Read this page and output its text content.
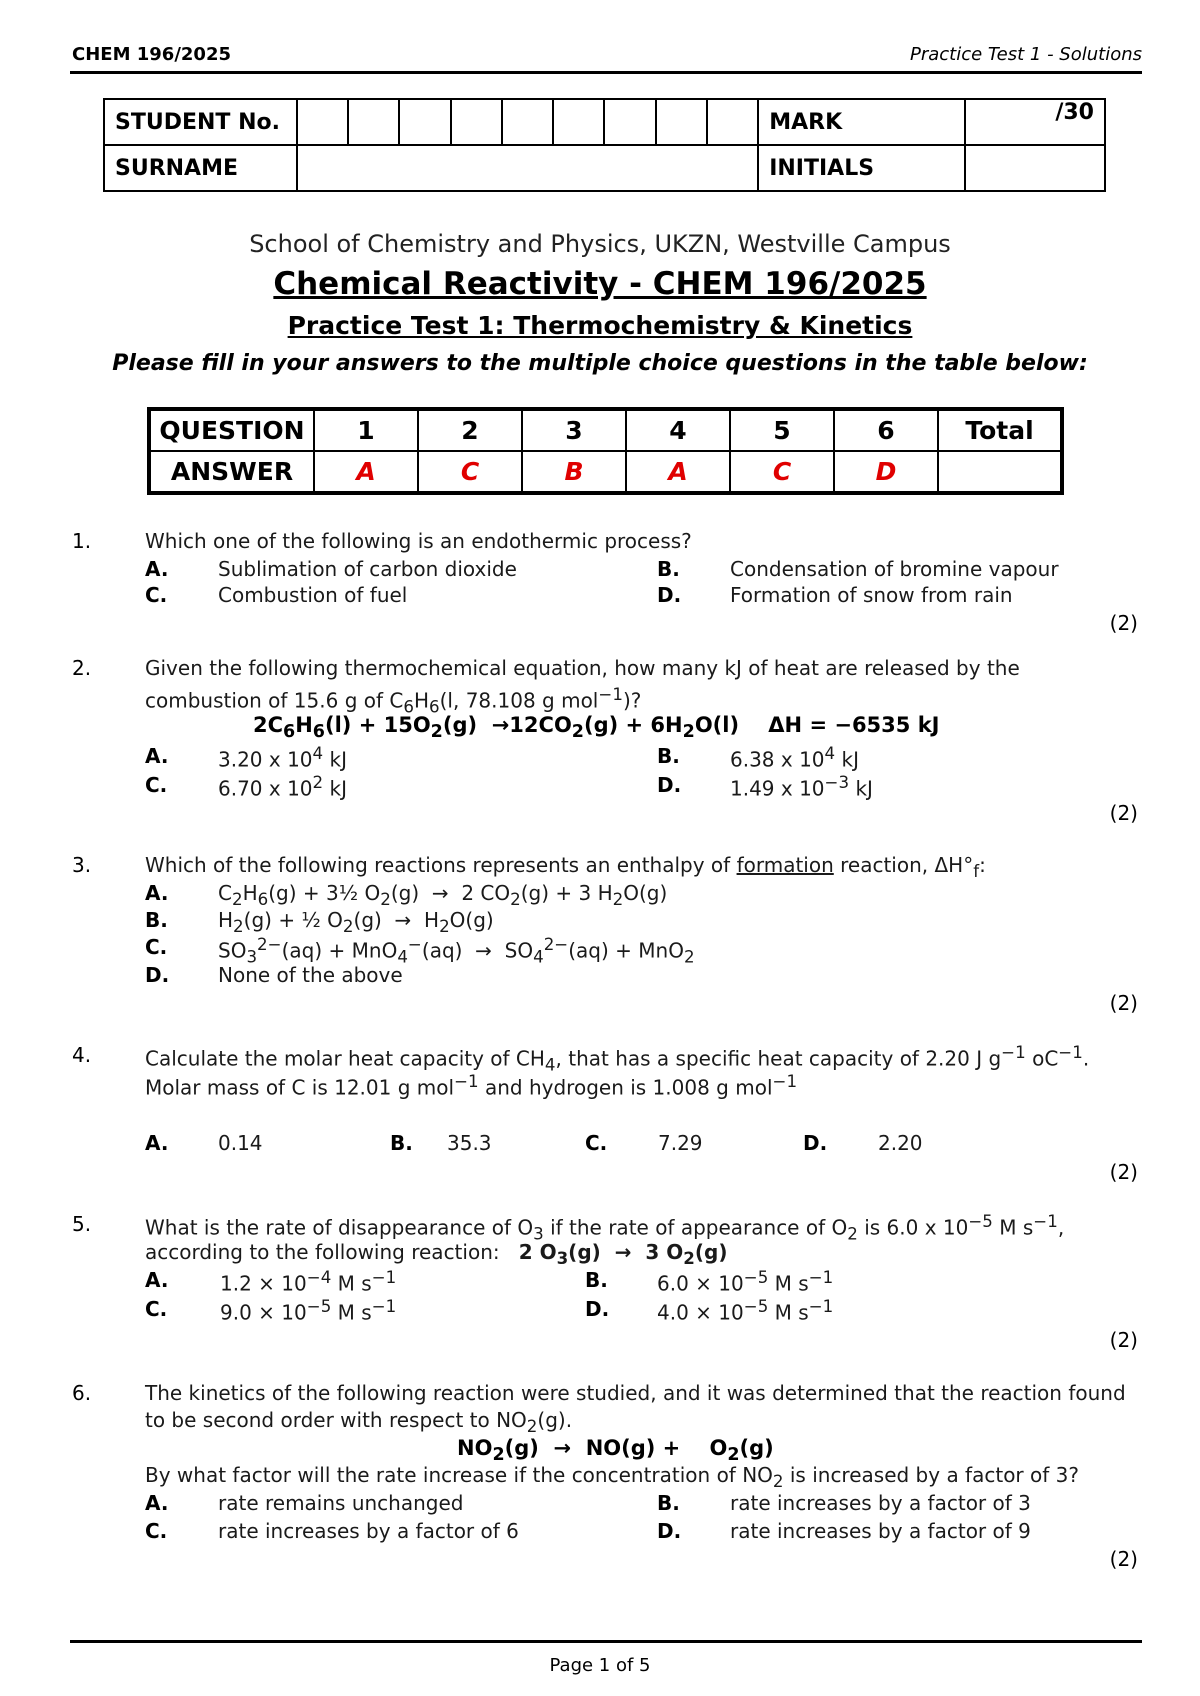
CHEM 196/2025	Practice Test 1 - Solutions
STUDENT No.										MARK	/30
SURNAME										INITIALS	
School of Chemistry and Physics, UKZN, Westville Campus
Chemical Reactivity - CHEM 196/2025
Practice Test 1: Thermochemistry & Kinetics
Please fill in your answers to the multiple choice questions in the table below:
QUESTION	1	2	3	4	5	6	Total
ANSWER	A	C	B	A	C	D	
1.	Which one of the following is an endothermic process?
A. Sublimation of carbon dioxide	B.	Condensation of bromine vapour
C.	Combustion of fuel	D. Formation of snow from rain
(2)
2.	Given the following thermochemical equation, how many kJ of heat are released by the
combustion of 15.6 g of $C_6H_6(l$, 78.108 g mol$^{-1}$)?
$2C_6H_6(l) + 15O_2(g) \to 12CO_2(g) + 6H_2O(l)$    ΔH = −6535 kJ
A. 3.20 x $10^4$ kJ	B.	6.38 x $10^4$ kJ
C.	6.70 x $10^2$ kJ	D. 1.49 x $10^{-3}$ kJ
(2)
3.	Which of the following reactions represents an enthalpy of formation reaction, $\Delta H^\circ_f$:
A. $C_2H_6(g)$ + 3½ $O_2(g) \to 2$ $CO_2(g) + 3$ $H_2O(g)$
B.	$H_2(g)$ + ½ $O_2(g) \to H_2O(g)$
C.	$SO_3^{2-}(aq) + MnO_4^-(aq) \to SO_4^{2-}(aq) + MnO_2$
D. None of the above
(2)
4.	Calculate the molar heat capacity of $CH_4$, that has a specific heat capacity of 2.20 J $g^{-1}$ $oC^{-1}$.
Molar mass of C is 12.01 g mol$^{-1}$ and hydrogen is 1.008 g mol$^{-1}$
A. 0.14	B. 35.3	C.	7.29	D.	2.20
(2)
5.	What is the rate of disappearance of $O_3$ if the rate of appearance of $O_2$ is 6.0 x $10^{-5}$ M $s^{-1}$,
according to the following reaction: 2 $O_3(g) \to 3$ $O_2(g)$
A.	$1.2 \times 10^{-4}$ M $s^{-1}$	B. $6.0 \times 10^{-5}$ M $s^{-1}$
C.	$9.0 \times 10^{-5}$ M $s^{-1}$	D. $4.0 \times 10^{-5}$ M $s^{-1}$
(2)
6.	The kinetics of the following reaction were studied, and it was determined that the reaction found
to be second order with respect to $NO_2(g)$.
$NO_2(g) \to NO(g)$ +    $O_2(g)$
By what factor will the rate increase if the concentration of $NO_2$ is increased by a factor of 3?
A. rate remains unchanged	B.	rate increases by a factor of 3
C.	rate increases by a factor of 6	D. rate increases by a factor of 9
(2)
Page 1 of 5
